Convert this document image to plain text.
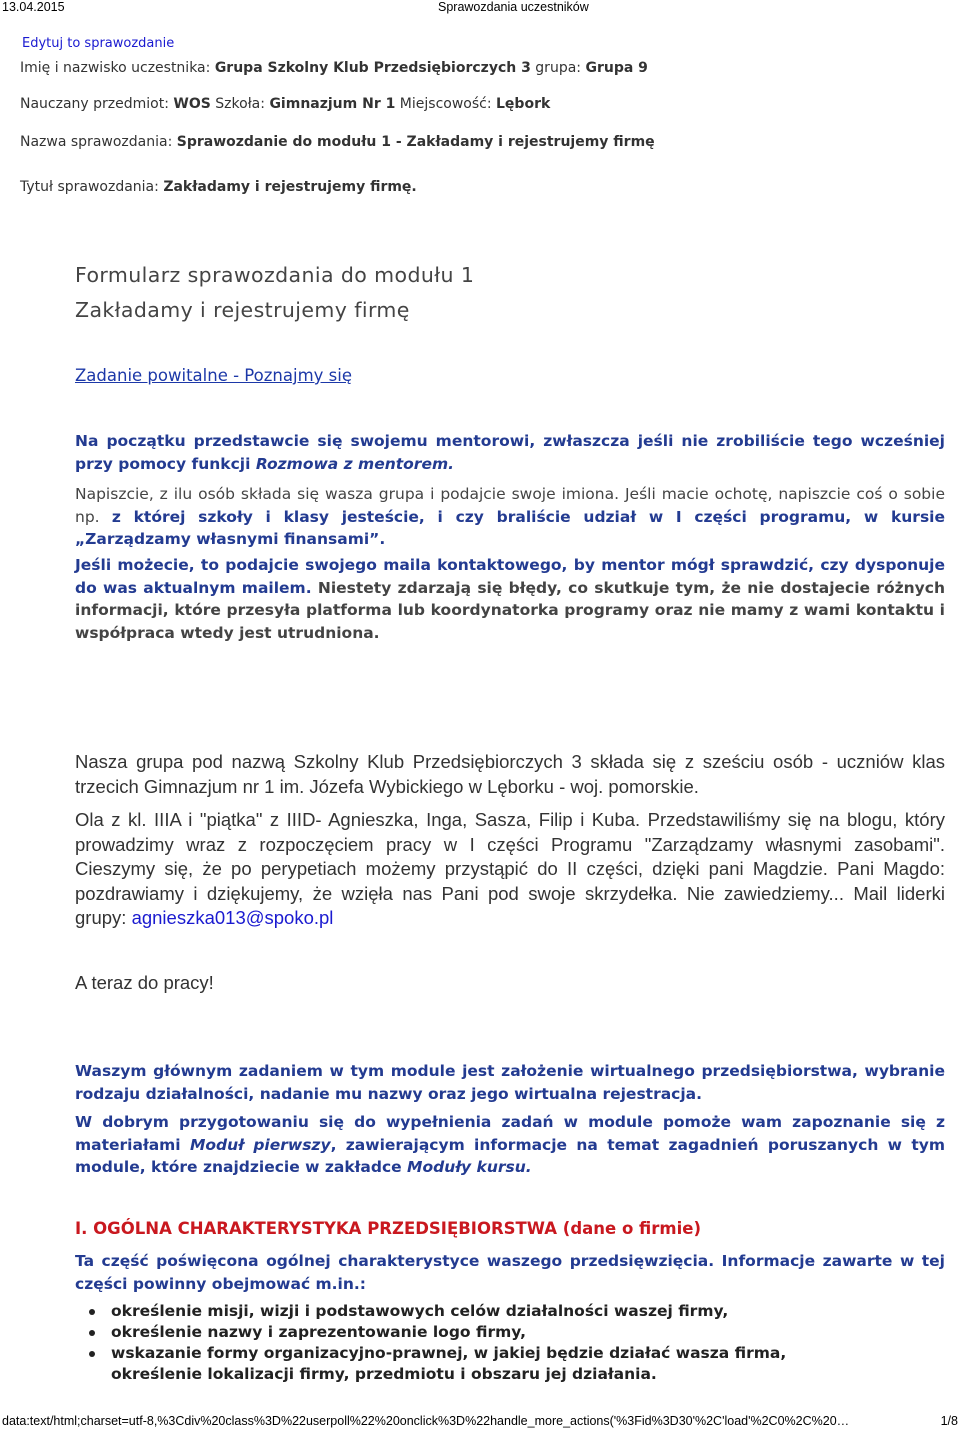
13.04.2015	Sprawozdania uczestników
Edytuj to sprawozdanie
Imię i nazwisko uczestnika: Grupa Szkolny Klub Przedsiębiorczych 3 grupa: Grupa 9
Nauczany przedmiot: WOS Szkoła: Gimnazjum Nr 1 Miejscowość: Lębork
Nazwa sprawozdania: Sprawozdanie do modułu 1 - Zakładamy i rejestrujemy firmę
Tytuł sprawozdania: Zakładamy i rejestrujemy firmę.
Formularz sprawozdania do modułu 1
Zakładamy i rejestrujemy firmę
Zadanie powitalne - Poznajmy się
Na początku przedstawcie się swojemu mentorowi, zwłaszcza jeśli nie zrobiliście tego wcześniej przy pomocy funkcji Rozmowa z mentorem.
Napiszcie, z ilu osób składa się wasza grupa i podajcie swoje imiona. Jeśli macie ochotę, napiszcie coś o sobie np. z której szkoły i klasy jesteście, i czy braliście udział w I części programu, w kursie „Zarządzamy własnymi finansami”.
Jeśli możecie, to podajcie swojego maila kontaktowego, by mentor mógł sprawdzić, czy dysponuje do was aktualnym mailem. Niestety zdarzają się błędy, co skutkuje tym, że nie dostajecie różnych informacji, które przesyła platforma lub koordynatorka programy oraz nie mamy z wami kontaktu i współpraca wtedy jest utrudniona.
Nasza grupa pod nazwą Szkolny Klub Przedsiębiorczych 3 składa się z sześciu osób - uczniów klas trzecich Gimnazjum nr 1 im. Józefa Wybickiego w Lęborku - woj. pomorskie.
Ola z kl. IIIA i "piątka" z IIID- Agnieszka, Inga, Sasza, Filip i Kuba. Przedstawiliśmy się na blogu, który prowadzimy wraz z rozpoczęciem pracy w I części Programu "Zarządzamy własnymi zasobami". Cieszymy się, że po perypetiach możemy przystąpić do II części, dzięki pani Magdzie. Pani Magdo: pozdrawiamy i dziękujemy, że wzięła nas Pani pod swoje skrzydełka. Nie zawiedziemy... Mail liderki grupy: agnieszka013@spoko.pl
A teraz do pracy!
Waszym głównym zadaniem w tym module jest założenie wirtualnego przedsiębiorstwa, wybranie rodzaju działalności, nadanie mu nazwy oraz jego wirtualna rejestracja.
W dobrym przygotowaniu się do wypełnienia zadań w module pomoże wam zapoznanie się z materiałami Moduł pierwszy, zawierającym informacje na temat zagadnień poruszanych w tym module, które znajdziecie w zakładce Moduły kursu.
I. OGÓLNA CHARAKTERYSTYKA PRZEDSIĘBIORSTWA (dane o firmie)
Ta część poświęcona ogólnej charakterystyce waszego przedsięwzięcia. Informacje zawarte w tej części powinny obejmować m.in.:
określenie misji, wizji i podstawowych celów działalności waszej firmy,
określenie nazwy i zaprezentowanie logo firmy,
wskazanie formy organizacyjno-prawnej, w jakiej będzie działać wasza firma, określenie lokalizacji firmy, przedmiotu i obszaru jej działania.
data:text/html;charset=utf-8,%3Cdiv%20class%3D%22userpoll%22%20onclick%3D%22handle_more_actions('%3Fid%3D30'%2C'load'%2C0%2C%20…	1/8
